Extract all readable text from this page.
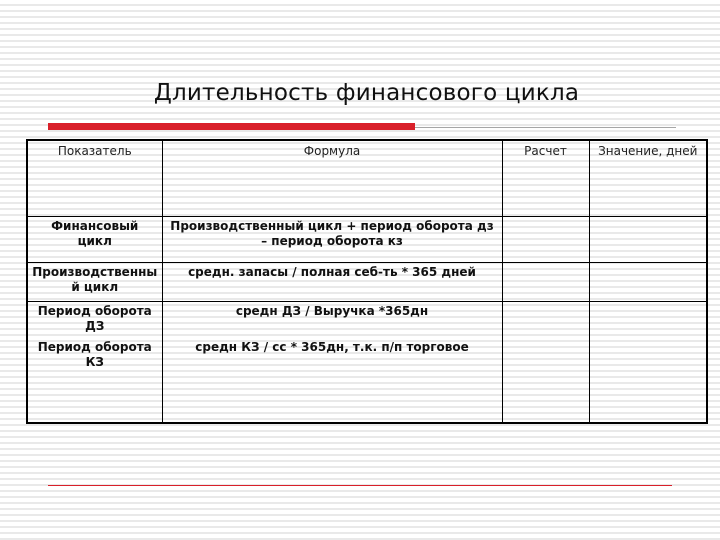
Длительность финансового цикла
Показатель	Формула	Расчет	Значение, дней
Финансовый цикл	Производственный цикл + период оборота дз – период оборота кз		
Производственный цикл	средн. запасы / полная себ-ть * 365 дней		
Период оборота ДЗ	средн ДЗ / Выручка *365дн		
Период оборота КЗ	средн КЗ / сс * 365дн, т.к. п/п торговое		
